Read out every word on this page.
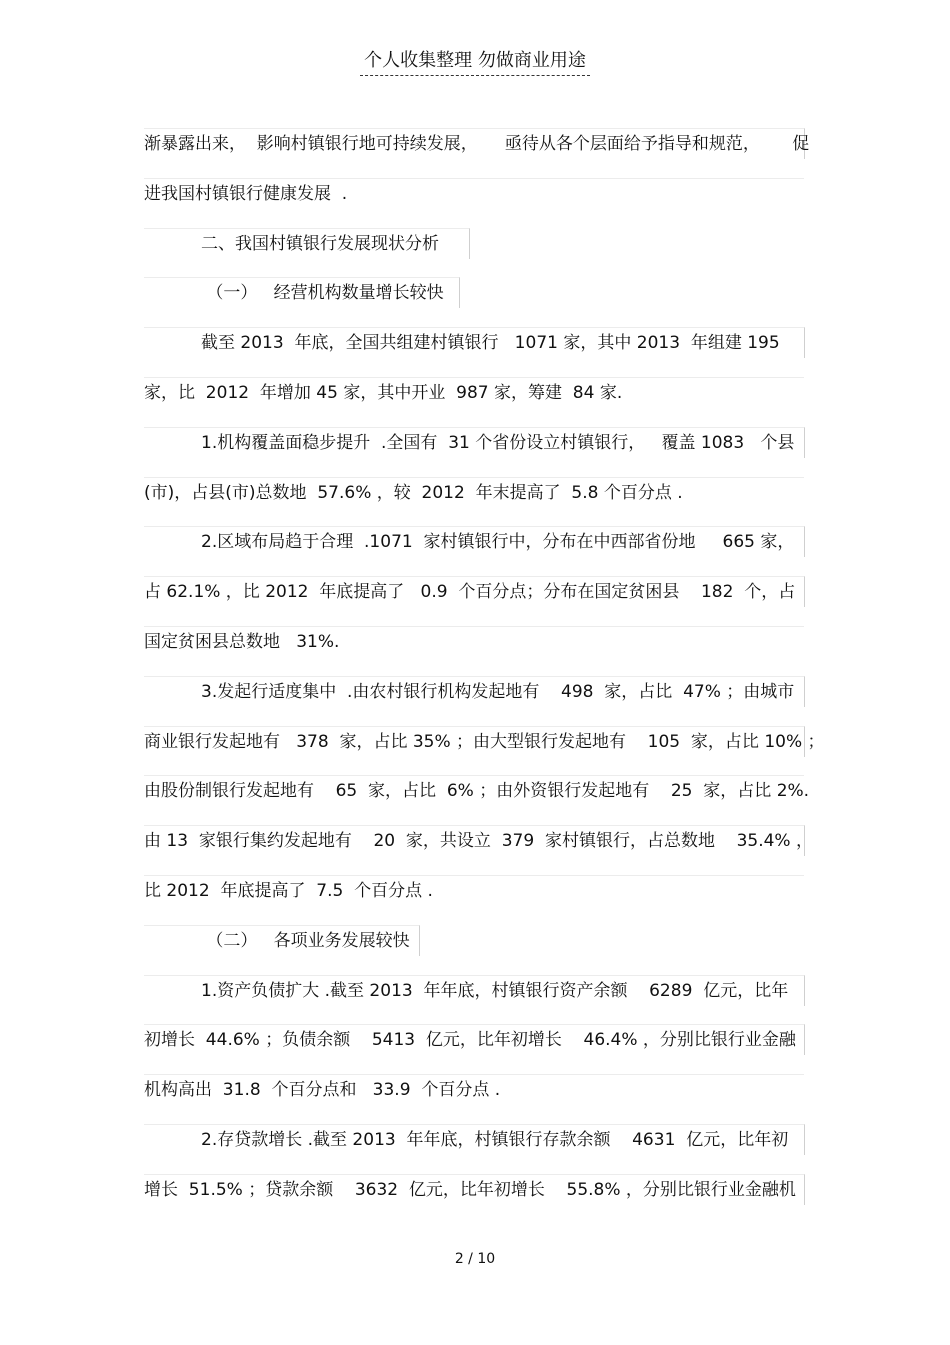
个人收集整理 勿做商业用途
渐暴露出来，  影响村镇银行地可持续发展，     亟待从各个层面给予指导和规范，      促
进我国村镇银行健康发展  .
二、我国村镇银行发展现状分析
（一）   经营机构数量增长较快
截至 2013  年底，全国共组建村镇银行   1071 家，其中 2013  年组建 195
家，比  2012  年增加 45 家，其中开业  987 家，筹建  84 家.
1.机构覆盖面稳步提升  .全国有  31 个省份设立村镇银行，   覆盖 1083   个县
(市)，占县(市)总数地  57.6% ，较  2012  年末提高了  5.8 个百分点 .
2.区域布局趋于合理  .1071  家村镇银行中，分布在中西部省份地     665 家，
占 62.1% ，比 2012  年底提高了   0.9  个百分点；分布在国定贫困县    182  个，占
国定贫困县总数地   31%.
3.发起行适度集中  .由农村银行机构发起地有    498  家，占比  47% ；由城市
商业银行发起地有   378  家，占比 35% ；由大型银行发起地有    105  家，占比 10% ；
由股份制银行发起地有    65  家，占比  6% ；由外资银行发起地有    25  家，占比 2%.
由 13  家银行集约发起地有    20  家，共设立  379  家村镇银行，占总数地    35.4% ，
比 2012  年底提高了  7.5  个百分点 .
（二）   各项业务发展较快
1.资产负债扩大 .截至 2013  年年底，村镇银行资产余额    6289  亿元，比年
初增长  44.6% ；负债余额    5413  亿元，比年初增长    46.4% ，分别比银行业金融
机构高出  31.8  个百分点和   33.9  个百分点 .
2.存贷款增长 .截至 2013  年年底，村镇银行存款余额    4631  亿元，比年初
增长  51.5% ；贷款余额    3632  亿元，比年初增长    55.8% ，分别比银行业金融机
2 / 10
